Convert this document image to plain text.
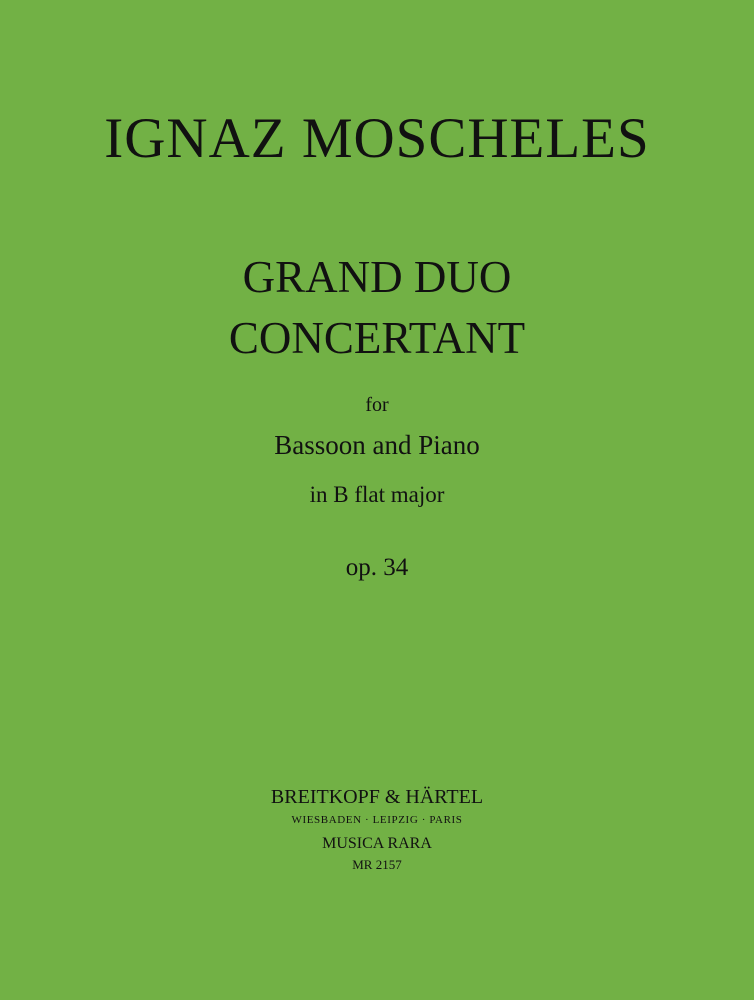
IGNAZ MOSCHELES
GRAND DUO
CONCERTANT
for
Bassoon and Piano
in B flat major
op. 34
BREITKOPF & HÄRTEL
WIESBADEN · LEIPZIG · PARIS
MUSICA RARA
MR 2157
